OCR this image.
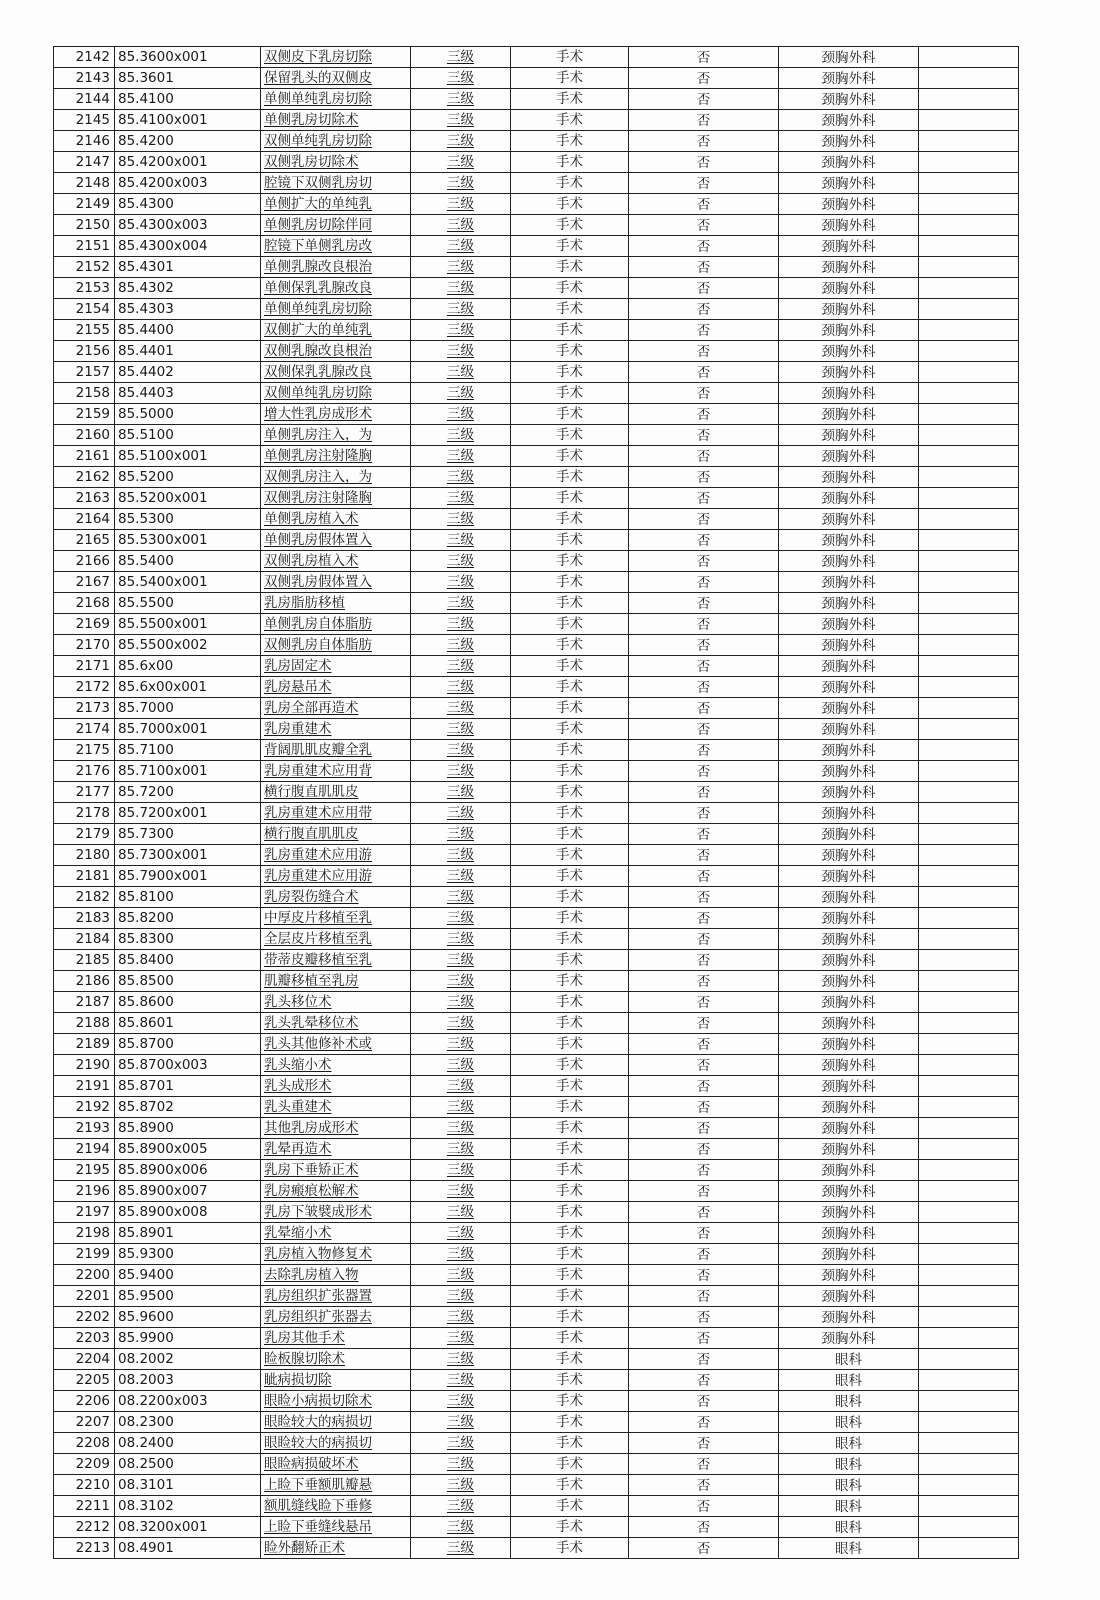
2142	85.3600x001	双侧皮下乳房切除	三级	手术	否	颈胸外科	
2143	85.3601	保留乳头的双侧皮	三级	手术	否	颈胸外科	
2144	85.4100	单侧单纯乳房切除	三级	手术	否	颈胸外科	
2145	85.4100x001	单侧乳房切除术	三级	手术	否	颈胸外科	
2146	85.4200	双侧单纯乳房切除	三级	手术	否	颈胸外科	
2147	85.4200x001	双侧乳房切除术	三级	手术	否	颈胸外科	
2148	85.4200x003	腔镜下双侧乳房切	三级	手术	否	颈胸外科	
2149	85.4300	单侧扩大的单纯乳	三级	手术	否	颈胸外科	
2150	85.4300x003	单侧乳房切除伴同	三级	手术	否	颈胸外科	
2151	85.4300x004	腔镜下单侧乳房改	三级	手术	否	颈胸外科	
2152	85.4301	单侧乳腺改良根治	三级	手术	否	颈胸外科	
2153	85.4302	单侧保乳乳腺改良	三级	手术	否	颈胸外科	
2154	85.4303	单侧单纯乳房切除	三级	手术	否	颈胸外科	
2155	85.4400	双侧扩大的单纯乳	三级	手术	否	颈胸外科	
2156	85.4401	双侧乳腺改良根治	三级	手术	否	颈胸外科	
2157	85.4402	双侧保乳乳腺改良	三级	手术	否	颈胸外科	
2158	85.4403	双侧单纯乳房切除	三级	手术	否	颈胸外科	
2159	85.5000	增大性乳房成形术	三级	手术	否	颈胸外科	
2160	85.5100	单侧乳房注入，为	三级	手术	否	颈胸外科	
2161	85.5100x001	单侧乳房注射隆胸	三级	手术	否	颈胸外科	
2162	85.5200	双侧乳房注入，为	三级	手术	否	颈胸外科	
2163	85.5200x001	双侧乳房注射隆胸	三级	手术	否	颈胸外科	
2164	85.5300	单侧乳房植入术	三级	手术	否	颈胸外科	
2165	85.5300x001	单侧乳房假体置入	三级	手术	否	颈胸外科	
2166	85.5400	双侧乳房植入术	三级	手术	否	颈胸外科	
2167	85.5400x001	双侧乳房假体置入	三级	手术	否	颈胸外科	
2168	85.5500	乳房脂肪移植	三级	手术	否	颈胸外科	
2169	85.5500x001	单侧乳房自体脂肪	三级	手术	否	颈胸外科	
2170	85.5500x002	双侧乳房自体脂肪	三级	手术	否	颈胸外科	
2171	85.6x00	乳房固定术	三级	手术	否	颈胸外科	
2172	85.6x00x001	乳房悬吊术	三级	手术	否	颈胸外科	
2173	85.7000	乳房全部再造术	三级	手术	否	颈胸外科	
2174	85.7000x001	乳房重建术	三级	手术	否	颈胸外科	
2175	85.7100	背阔肌肌皮瓣全乳	三级	手术	否	颈胸外科	
2176	85.7100x001	乳房重建术应用背	三级	手术	否	颈胸外科	
2177	85.7200	横行腹直肌肌皮	三级	手术	否	颈胸外科	
2178	85.7200x001	乳房重建术应用带	三级	手术	否	颈胸外科	
2179	85.7300	横行腹直肌肌皮	三级	手术	否	颈胸外科	
2180	85.7300x001	乳房重建术应用游	三级	手术	否	颈胸外科	
2181	85.7900x001	乳房重建术应用游	三级	手术	否	颈胸外科	
2182	85.8100	乳房裂伤缝合术	三级	手术	否	颈胸外科	
2183	85.8200	中厚皮片移植至乳	三级	手术	否	颈胸外科	
2184	85.8300	全层皮片移植至乳	三级	手术	否	颈胸外科	
2185	85.8400	带蒂皮瓣移植至乳	三级	手术	否	颈胸外科	
2186	85.8500	肌瓣移植至乳房	三级	手术	否	颈胸外科	
2187	85.8600	乳头移位术	三级	手术	否	颈胸外科	
2188	85.8601	乳头乳晕移位术	三级	手术	否	颈胸外科	
2189	85.8700	乳头其他修补术或	三级	手术	否	颈胸外科	
2190	85.8700x003	乳头缩小术	三级	手术	否	颈胸外科	
2191	85.8701	乳头成形术	三级	手术	否	颈胸外科	
2192	85.8702	乳头重建术	三级	手术	否	颈胸外科	
2193	85.8900	其他乳房成形术	三级	手术	否	颈胸外科	
2194	85.8900x005	乳晕再造术	三级	手术	否	颈胸外科	
2195	85.8900x006	乳房下垂矫正术	三级	手术	否	颈胸外科	
2196	85.8900x007	乳房瘢痕松解术	三级	手术	否	颈胸外科	
2197	85.8900x008	乳房下皱襞成形术	三级	手术	否	颈胸外科	
2198	85.8901	乳晕缩小术	三级	手术	否	颈胸外科	
2199	85.9300	乳房植入物修复术	三级	手术	否	颈胸外科	
2200	85.9400	去除乳房植入物	三级	手术	否	颈胸外科	
2201	85.9500	乳房组织扩张器置	三级	手术	否	颈胸外科	
2202	85.9600	乳房组织扩张器去	三级	手术	否	颈胸外科	
2203	85.9900	乳房其他手术	三级	手术	否	颈胸外科	
2204	08.2002	睑板腺切除术	三级	手术	否	眼科	
2205	08.2003	眦病损切除	三级	手术	否	眼科	
2206	08.2200x003	眼睑小病损切除术	三级	手术	否	眼科	
2207	08.2300	眼睑较大的病损切	三级	手术	否	眼科	
2208	08.2400	眼睑较大的病损切	三级	手术	否	眼科	
2209	08.2500	眼睑病损破坏术	三级	手术	否	眼科	
2210	08.3101	上睑下垂额肌瓣悬	三级	手术	否	眼科	
2211	08.3102	额肌缝线睑下垂修	三级	手术	否	眼科	
2212	08.3200x001	上睑下垂缝线悬吊	三级	手术	否	眼科	
2213	08.4901	睑外翻矫正术	三级	手术	否	眼科	
